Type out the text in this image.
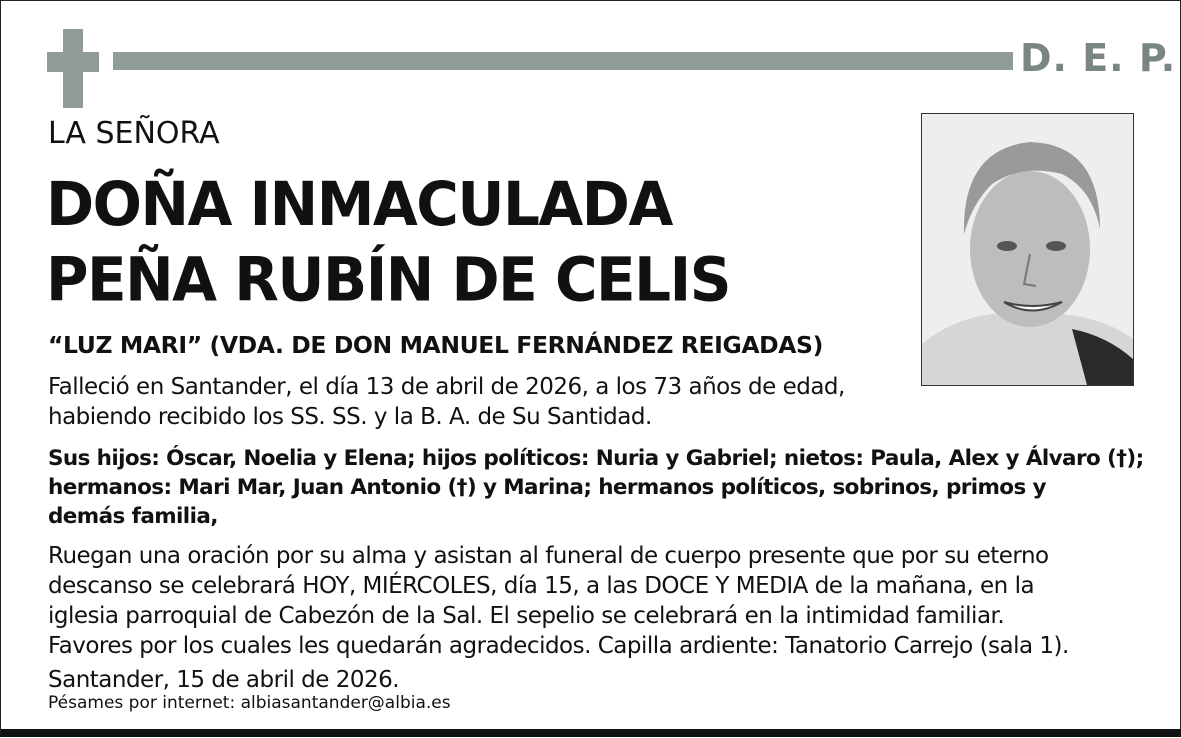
D. E. P.
LA SEÑORA
DOÑA INMACULADA
PEÑA RUBÍN DE CELIS
“LUZ MARI” (VDA. DE DON MANUEL FERNÁNDEZ REIGADAS)
Falleció en Santander, el día 13 de abril de 2026, a los 73 años de edad,
habiendo recibido los SS. SS. y la B. A. de Su Santidad.
Sus hijos: Óscar, Noelia y Elena; hijos políticos: Nuria y Gabriel; nietos: Paula, Alex y Álvaro (†);
hermanos: Mari Mar, Juan Antonio (†) y Marina; hermanos políticos, sobrinos, primos y
demás familia,
Ruegan una oración por su alma y asistan al funeral de cuerpo presente que por su eterno
descanso se celebrará HOY, MIÉRCOLES, día 15, a las DOCE Y MEDIA de la mañana, en la
iglesia parroquial de Cabezón de la Sal. El sepelio se celebrará en la intimidad familiar.
Favores por los cuales les quedarán agradecidos. Capilla ardiente: Tanatorio Carrejo (sala 1).
Santander, 15 de abril de 2026.
Pésames por internet: albiasantander@albia.es
